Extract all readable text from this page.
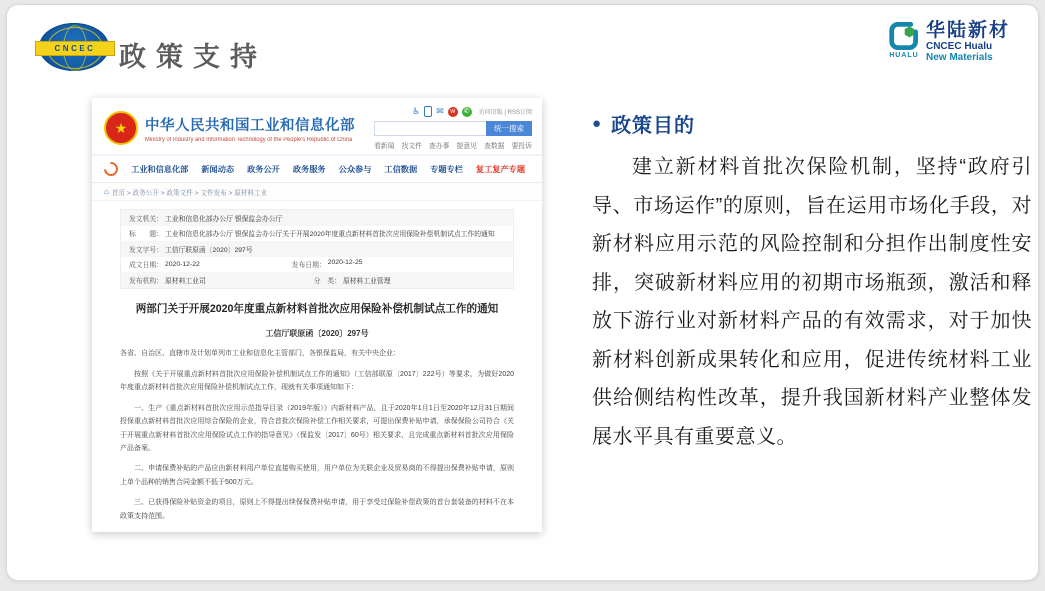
CNCEC 政策支持	HUALU
华陆新材
CNCEC Hualu
New Materials
★	中华人民共和国工业和信息化部
Ministry of Industry and Information Technology of the People's Republic of China
♿ ✉ w	✆	访问旧版 | RSS订阅
统一搜索
看新闻 找文件 查办事 提意见 查数据 要投诉
工业和信息化部 新闻动态 政务公开 政务服务 公众参与 工信数据 专题专栏 复工复产专题
⌂ 首页 > 政务公开 > 政策文件 > 文件发布 > 原材料工业
发文机关： 工业和信息化部办公厅 银保监会办公厅
标　　题： 工业和信息化部办公厅 银保监会办公厅关于开展2020年度重点新材料首批次应用保险补偿机制试点工作的通知
发文字号： 工信厅联原函〔2020〕297号
成文日期： 2020-12-22	发布日期： 2020-12-25
发布机构： 原材料工业司	分　类： 原材料工业管理
两部门关于开展2020年度重点新材料首批次应用保险补偿机制试点工作的通知
工信厅联原函〔2020〕297号

各省、自治区、直辖市及计划单列市工业和信息化主管部门，各银保监局，有关中央企业：

按照《关于开展重点新材料首批次应用保险补偿机制试点工作的通知》（工信部联原〔2017〕222号）等要求，为做好2020年度重点新材料首批次应用保险补偿机制试点工作，现就有关事项通知如下：

一、生产《重点新材料首批次应用示范指导目录（2019年版）》内新材料产品，且于2020年1月1日至2020年12月31日期间投保重点新材料首批次应用综合保险的企业，符合首批次保险补偿工作相关要求，可提出保费补贴申请，承保保险公司符合《关于开展重点新材料首批次应用保险试点工作的指导意见》（保监发〔2017〕60号）相关要求，且完成重点新材料首批次应用保险产品备案。

二、申请保费补贴的产品应由新材料用户单位直接购买使用，用户单位为关联企业及贸易商的不得提出保费补贴申请，原则上单个品种的销售合同金额不低于500万元。

三、已获得保险补贴资金的项目，原则上不得提出续保保费补贴申请，用于享受过保险补偿政策的首台套装备的材料不在本政策支持范围。

● 政策目的

建立新材料首批次保险机制，坚持“政府引导、市场运作”的原则，旨在运用市场化手段，对新材料应用示范的风险控制和分担作出制度性安排，突破新材料应用的初期市场瓶颈，激活和释放下游行业对新材料产品的有效需求，对于加快新材料创新成果转化和应用，促进传统材料工业供给侧结构性改革，提升我国新材料产业整体发展水平具有重要意义。
